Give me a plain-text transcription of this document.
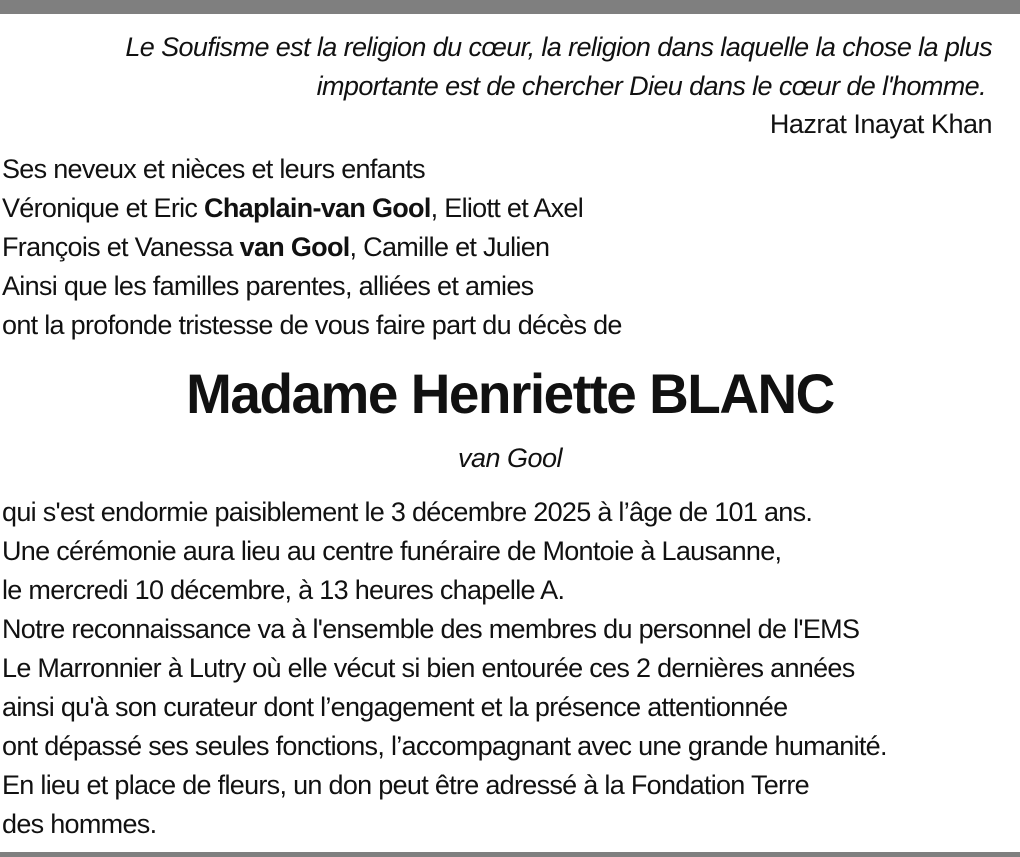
Le Soufisme est la religion du cœur, la religion dans laquelle la chose la plus
importante est de chercher Dieu dans le cœur de l'homme.
Hazrat Inayat Khan
Ses neveux et nièces et leurs enfants
Véronique et Eric Chaplain-van Gool, Eliott et Axel
François et Vanessa van Gool, Camille et Julien
Ainsi que les familles parentes, alliées et amies
ont la profonde tristesse de vous faire part du décès de
Madame Henriette BLANC
van Gool
qui s'est endormie paisiblement le 3 décembre 2025 à l’âge de 101 ans.
Une cérémonie aura lieu au centre funéraire de Montoie à Lausanne,
le mercredi 10 décembre, à 13 heures chapelle A.
Notre reconnaissance va à l'ensemble des membres du personnel de l'EMS
Le Marronnier à Lutry où elle vécut si bien entourée ces 2 dernières années
ainsi qu'à son curateur dont l’engagement et la présence attentionnée
ont dépassé ses seules fonctions, l’accompagnant avec une grande humanité.
En lieu et place de fleurs, un don peut être adressé à la Fondation Terre
des hommes.
